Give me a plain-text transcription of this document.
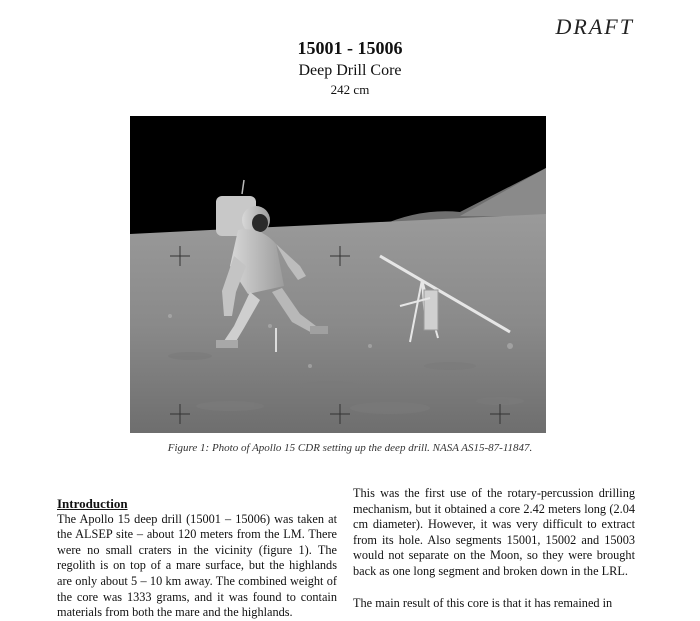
DRAFT
15001 - 15006
Deep Drill Core
242 cm
Figure 1: Photo of Apollo 15 CDR setting up the deep drill. NASA AS15-87-11847.
Introduction
The Apollo 15 deep drill (15001 – 15006) was taken at the ALSEP site – about 120 meters from the LM. There were no small craters in the vicinity (figure 1). The regolith is on top of a mare surface, but the highlands are only about 5 – 10 km away. The combined weight of the core was 1333 grams, and it was found to contain materials from both the mare and the highlands.
This was the first use of the rotary-percussion drilling mechanism, but it obtained a core 2.42 meters long (2.04 cm diameter). However, it was very difficult to extract from its hole. Also segments 15001, 15002 and 15003 would not separate on the Moon, so they were brought back as one long segment and broken down in the LRL.
The main result of this core is that it has remained in
